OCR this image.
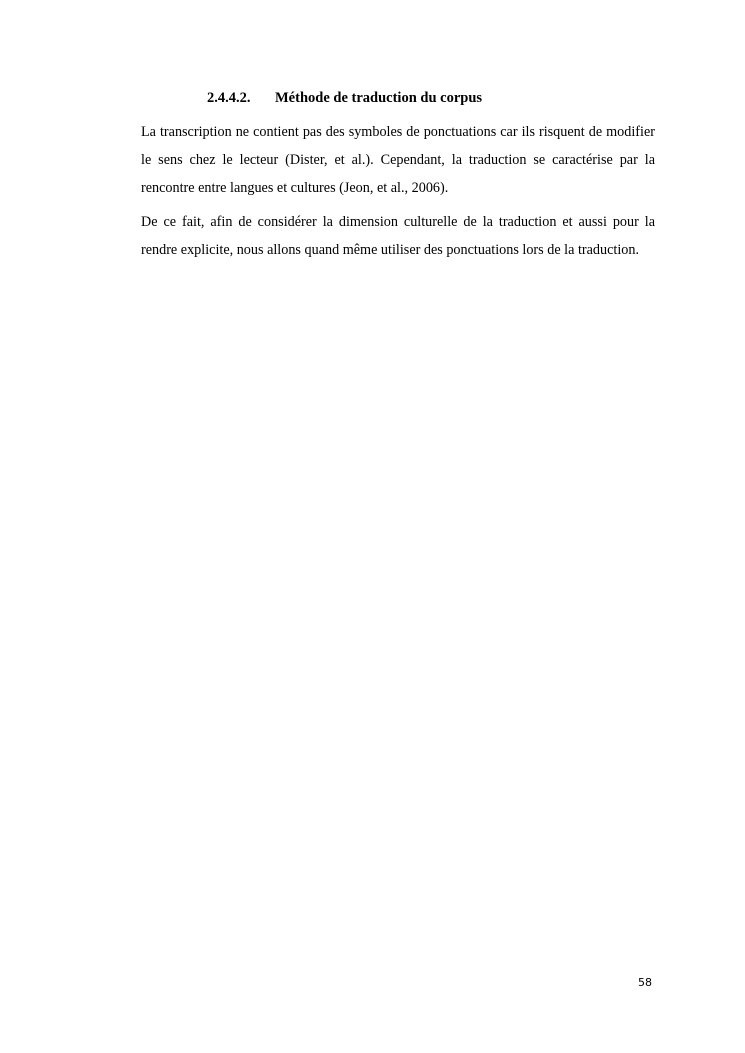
2.4.4.2. Méthode de traduction du corpus

La transcription ne contient pas des symboles de ponctuations car ils risquent de modifier le sens chez le lecteur (Dister, et al.). Cependant, la traduction se caractérise par la rencontre entre langues et cultures (Jeon, et al., 2006).

De ce fait, afin de considérer la dimension culturelle de la traduction et aussi pour la rendre explicite, nous allons quand même utiliser des ponctuations lors de la traduction.

58
